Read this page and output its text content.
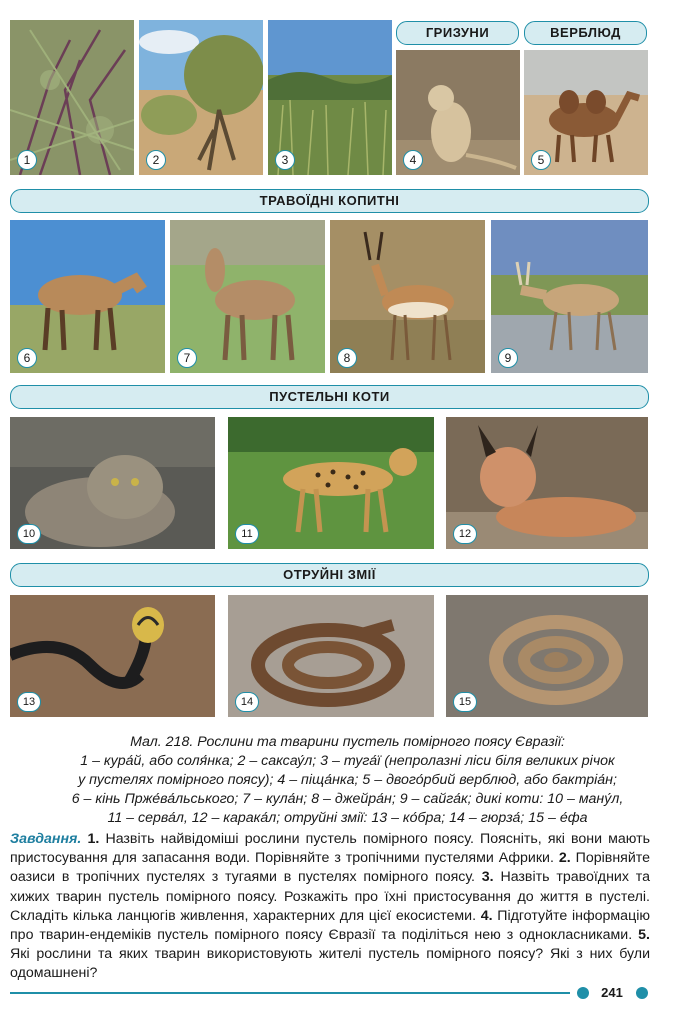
1	2	3
ГРИЗУНИ	ВЕРБЛЮД
4	5
ТРАВОЇДНІ КОПИТНІ
6	7	8	9
ПУСТЕЛЬНІ КОТИ
10	11	12
ОТРУЙНІ ЗМІЇ
13	14	15
Мал. 218. Рослини та тварини пустель помірного поясу Євразії:
1 – кура́й, або соля́нка; 2 – саксау́л; 3 – туга́ї (непролазні ліси біля великих річок
у пустелях помірного поясу); 4 – піща́нка; 5 – двого́рбий верблюд, або бактріа́н;
6 – кінь Прже́ва́льського; 7 – кула́н; 8 – джейра́н; 9 – сайга́к; дикі коти: 10 – ману́л,
11 – серва́л, 12 – карака́л; отруйні змії: 13 – ко́бра; 14 – гюрза́; 15 – е́фа
Завдання. 1. Назвіть найвідоміші рослини пустель помірного поясу. Поясніть, які вони мають пристосування для запасання води. Порівняйте з тропічними пустелями Африки. 2. Порівняйте оазиси в тропічних пустелях з тугаями в пустелях помірного поясу. 3. Назвіть травоїдних та хижих тварин пустель помірного поясу. Розкажіть про їхні пристосування до життя в пустелі. Складіть кілька ланцюгів живлення, характерних для цієї екосистеми. 4. Підготуйте інформацію про тварин-ендеміків пустель помірного поясу Євразії та поділіться нею з однокласниками. 5. Які рослини та яких тварин використовують жителі пустель помірного поясу? Які з них були одомашнені?
241
